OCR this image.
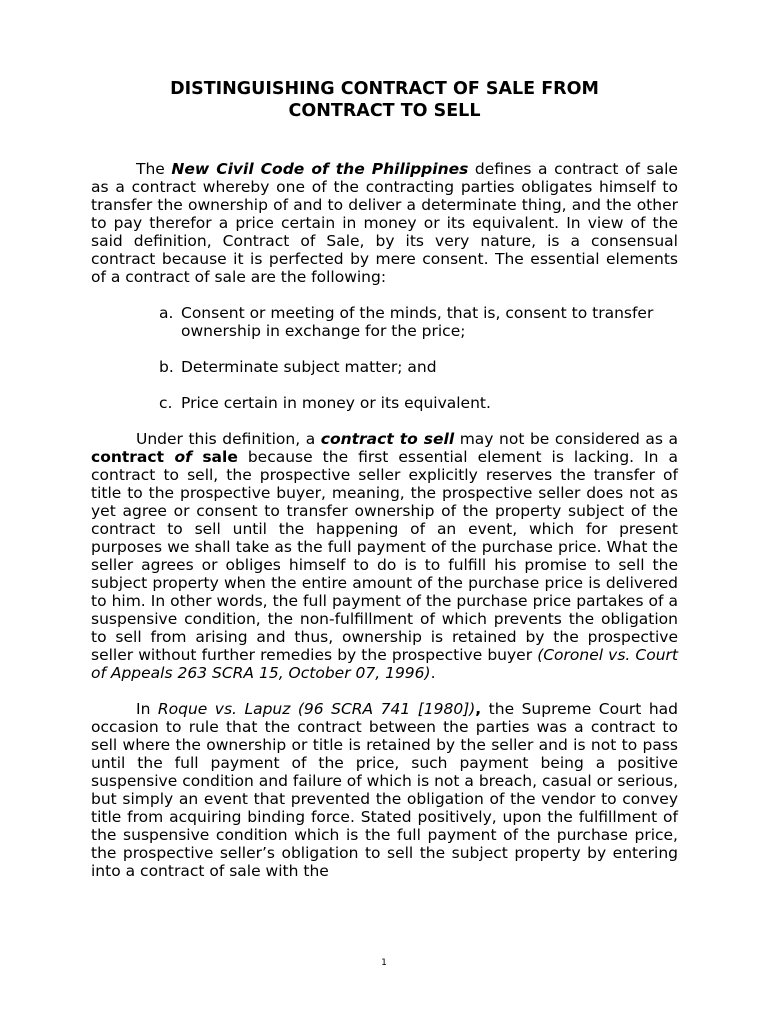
DISTINGUISHING CONTRACT OF SALE FROM
CONTRACT TO SELL

The New Civil Code of the Philippines defines a contract of sale as a contract whereby one of the contracting parties obligates himself to transfer the ownership of and to deliver a determinate thing, and the other to pay therefor a price certain in money or its equivalent. In view of the said definition, Contract of Sale, by its very nature, is a consensual contract because it is perfected by mere consent. The essential elements of a contract of sale are the following:

a. Consent or meeting of the minds, that is, consent to transfer ownership in exchange for the price;
b. Determinate subject matter; and
c. Price certain in money or its equivalent.

Under this definition, a contract to sell may not be considered as a contract of sale because the first essential element is lacking. In a contract to sell, the prospective seller explicitly reserves the transfer of title to the prospective buyer, meaning, the prospective seller does not as yet agree or consent to transfer ownership of the property subject of the contract to sell until the happening of an event, which for present purposes we shall take as the full payment of the purchase price. What the seller agrees or obliges himself to do is to fulfill his promise to sell the subject property when the entire amount of the purchase price is delivered to him. In other words, the full payment of the purchase price partakes of a suspensive condition, the non-fulfillment of which prevents the obligation to sell from arising and thus, ownership is retained by the prospective seller without further remedies by the prospective buyer (Coronel vs. Court of Appeals 263 SCRA 15, October 07, 1996).

In Roque vs. Lapuz (96 SCRA 741 [1980]), the Supreme Court had occasion to rule that the contract between the parties was a contract to sell where the ownership or title is retained by the seller and is not to pass until the full payment of the price, such payment being a positive suspensive condition and failure of which is not a breach, casual or serious, but simply an event that prevented the obligation of the vendor to convey title from acquiring binding force. Stated positively, upon the fulfillment of the suspensive condition which is the full payment of the purchase price, the prospective seller’s obligation to sell the subject property by entering into a contract of sale with the

1
